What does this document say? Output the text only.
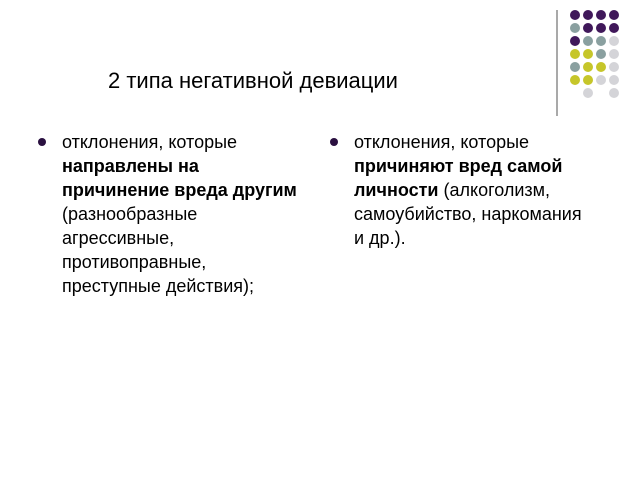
2 типа негативной девиации
отклонения, которые направлены на причинение вреда другим (разнообразные агрессивные, противоправные, преступные действия);
отклонения, которые причиняют вред самой личности (алкоголизм, самоубийство, наркомания и др.).
